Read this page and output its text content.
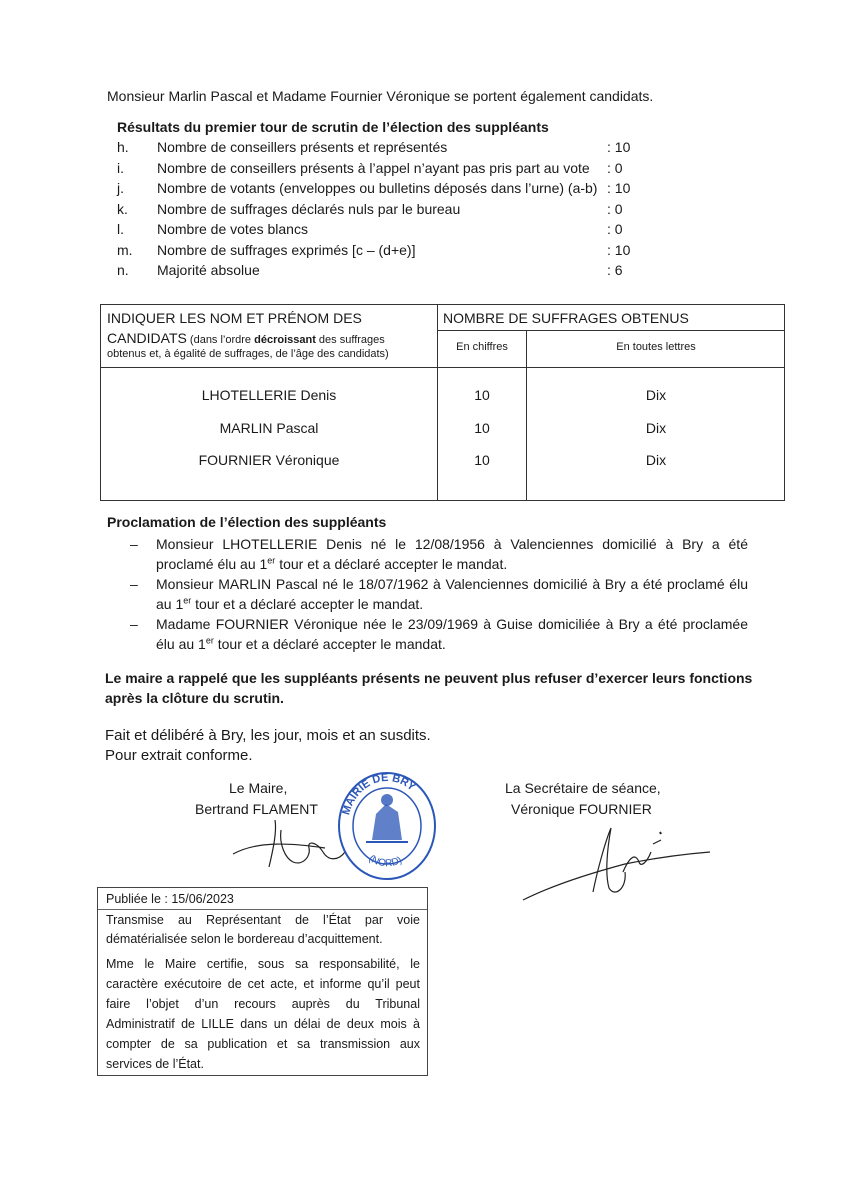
Monsieur Marlin Pascal et Madame Fournier Véronique se portent également candidats.
Résultats du premier tour de scrutin de l’élection des suppléants
h. Nombre de conseillers présents et représentés	: 10
i. Nombre de conseillers présents à l’appel n’ayant pas pris part au vote : 0
j. Nombre de votants (enveloppes ou bulletins déposés dans l’urne) (a-b) : 10
k. Nombre de suffrages déclarés nuls par le bureau	: 0
l. Nombre de votes blancs	: 0
m. Nombre de suffrages exprimés [c – (d+e)]	: 10
n. Majorité absolue	: 6
INDIQUER LES NOM ET PRÉNOM DES
CANDIDATS (dans l’ordre décroissant des suffrages
obtenus et, à égalité de suffrages, de l’âge des candidats)
NOMBRE DE SUFFRAGES OBTENUS
En chiffres	En toutes lettres
LHOTELLERIE Denis	10	Dix
MARLIN Pascal	10	Dix
FOURNIER Véronique	10	Dix
Proclamation de l’élection des suppléants
– Monsieur LHOTELLERIE Denis né le 12/08/1956 à Valenciennes domicilié à Bry a été proclamé élu au 1er tour et a déclaré accepter le mandat.
– Monsieur MARLIN Pascal né le 18/07/1962 à Valenciennes domicilié à Bry a été proclamé élu au 1er tour et a déclaré accepter le mandat.
– Madame FOURNIER Véronique née le 23/09/1969 à Guise domiciliée à Bry a été proclamée élu au 1er tour et a déclaré accepter le mandat.
Le maire a rappelé que les suppléants présents ne peuvent plus refuser d’exercer leurs fonctions
après la clôture du scrutin.
Fait et délibéré à Bry, les jour, mois et an susdits.
Pour extrait conforme.
Le Maire,
Bertrand FLAMENT MAIRIE DE BRY
(NORD)
La Secrétaire de séance,
Véronique FOURNIER
Publiée le : 15/06/2023
Transmise au Représentant de l’État par voie
dématérialisée selon le bordereau d’acquittement.
Mme le Maire certifie, sous sa responsabilité, le
caractère exécutoire de cet acte, et informe qu’il peut
faire l’objet d’un recours auprès du Tribunal
Administratif de LILLE dans un délai de deux mois à
compter de sa publication et sa transmission aux
services de l’État.
